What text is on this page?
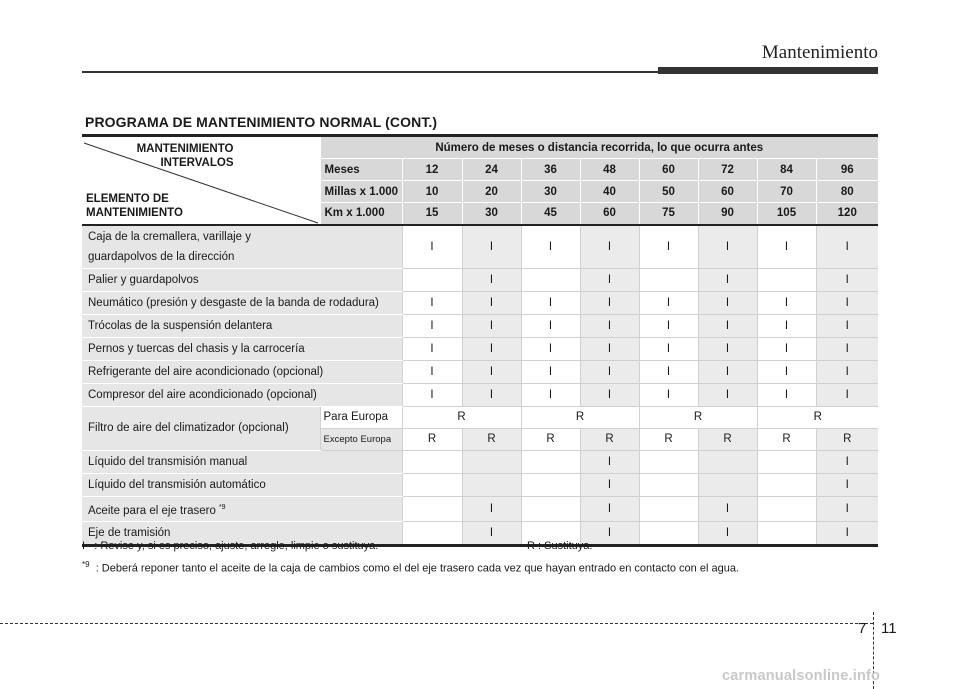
Mantenimiento
PROGRAMA DE MANTENIMIENTO NORMAL (CONT.)
MANTENIMIENTO
INTERVALOS
ELEMENTO DE
MANTENIMIENTO	Número de meses o distancia recorrida, lo que ocurra antes								
	Meses	12	24	36	48	60	72	84	96
	Millas x 1.000	10	20	30	40	50	60	70	80
	Km x 1.000	15	30	45	60	75	90	105	120

Caja de la cremallera, varillaje y
guardapolvos de la dirección		I	I	I	I	I	I	I	I
Palier y guardapolvos			I		I		I		I
Neumático (presión y desgaste de la banda de rodadura)		I	I	I	I	I	I	I	I
Trócolas de la suspensión delantera		I	I	I	I	I	I	I	I
Pernos y tuercas del chasis y la carrocería		I	I	I	I	I	I	I	I
Refrigerante del aire acondicionado (opcional)		I	I	I	I	I	I	I	I
Compresor del aire acondicionado (opcional)		I	I	I	I	I	I	I	I
Filtro de aire del climatizador (opcional)	Para Europa	R		R		R		R	
	Excepto Europa	R	R	R	R	R	R	R	R
Líquido del transmisión manual					I				I
Líquido del transmisión automático					I				I
Aceite para el eje trasero $^{*9}$			I		I		I		I
Eje de tramisión			I		I		I		I
I : Revise y, si es preciso, ajuste, arregle, limpie o sustituya.	R : Sustituya.
$^{*9}$ : Deberá reponer tanto el aceite de la caja de cambios como el del eje trasero cada vez que hayan entrado en contacto con el agua.
7 11
carmanualsonline.info
